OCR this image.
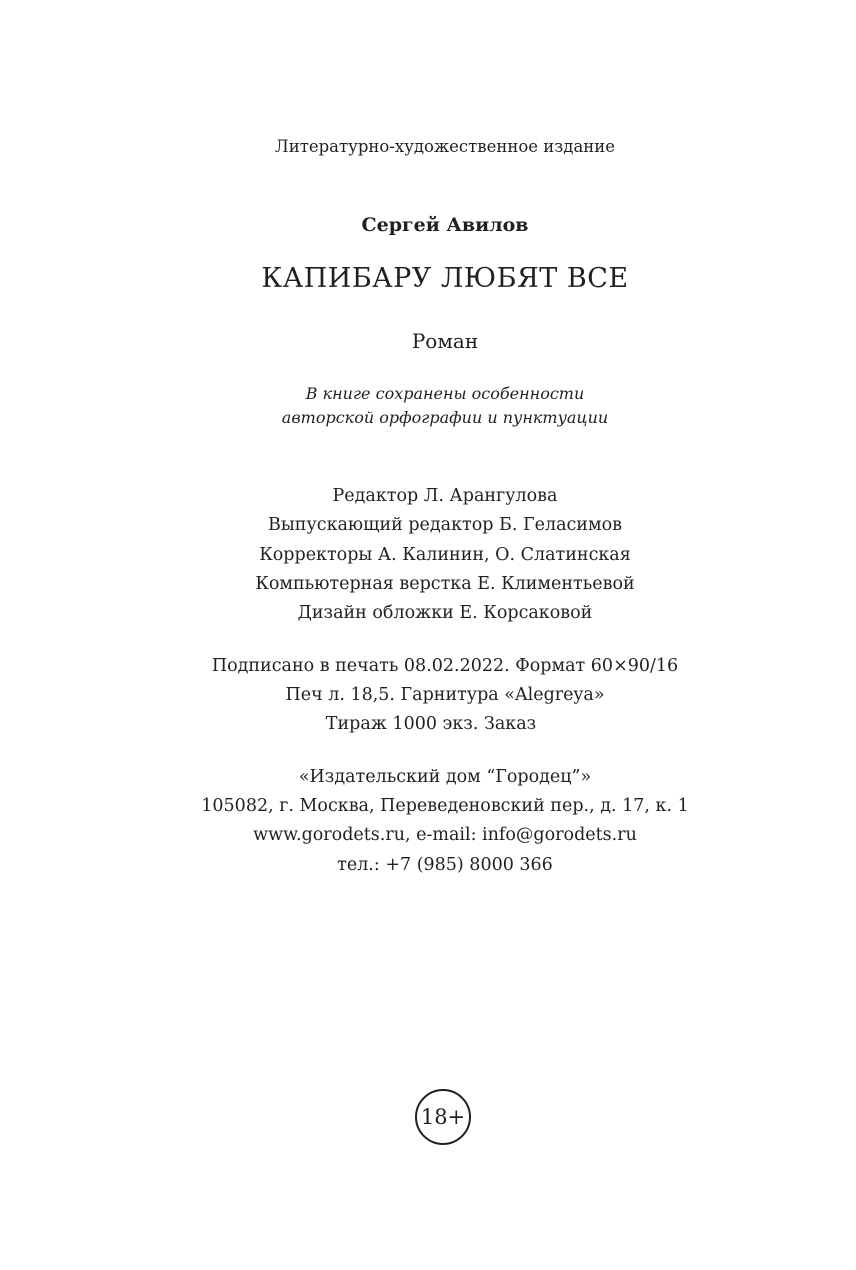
Литературно-художественное издание
Сергей Авилов
КАПИБАРУ ЛЮБЯТ ВСЕ
Роман
В книге сохранены особенности
авторской орфографии и пунктуации
Редактор Л. Арангулова
Выпускающий редактор Б. Геласимов
Корректоры А. Калинин, О. Слатинская
Компьютерная верстка Е. Климентьевой
Дизайн обложки Е. Корсаковой
Подписано в печать 08.02.2022. Формат 60×90/16
Печ л. 18,5. Гарнитура «Alegreya»
Тираж 1000 экз. Заказ
«Издательский дом “Городец”»
105082, г. Москва, Переведеновский пер., д. 17, к. 1
www.gorodets.ru, e-mail: info@gorodets.ru
тел.: +7 (985) 8000 366
18+
